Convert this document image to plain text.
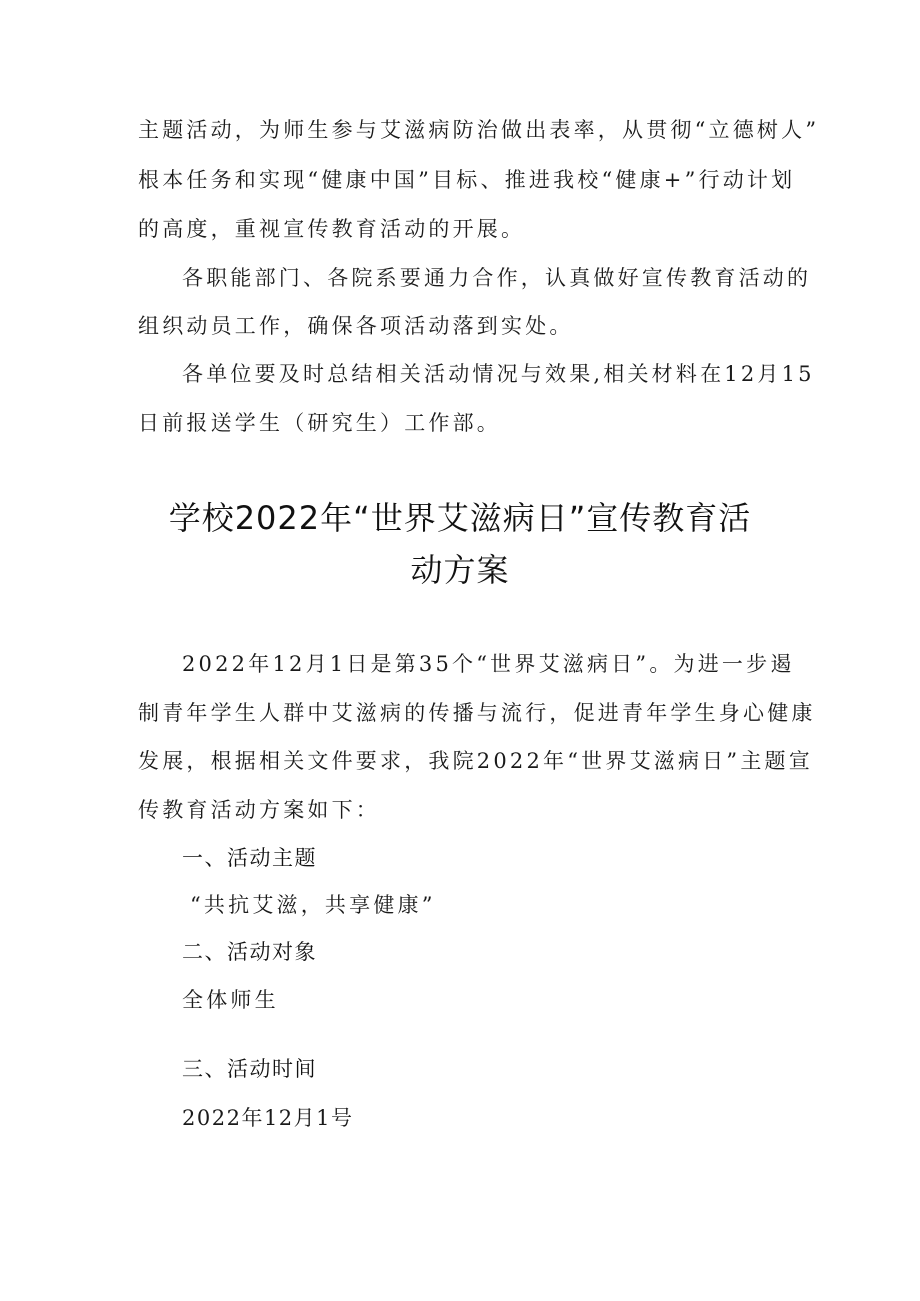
主题活动，为师生参与艾滋病防治做出表率，从贯彻“立德树人”
根本任务和实现“健康中国”目标、推进我校“健康+”行动计划
的高度，重视宣传教育活动的开展。
各职能部门、各院系要通力合作，认真做好宣传教育活动的
组织动员工作，确保各项活动落到实处。
各单位要及时总结相关活动情况与效果,相关材料在12月15
日前报送学生（研究生）工作部。
学校2022年“世界艾滋病日”宣传教育活
动方案
2022年12月1日是第35个“世界艾滋病日”。为进一步遏
制青年学生人群中艾滋病的传播与流行，促进青年学生身心健康
发展，根据相关文件要求，我院2022年“世界艾滋病日”主题宣
传教育活动方案如下：
一、活动主题
“共抗艾滋，共享健康”
二、活动对象
全体师生
三、活动时间
2022年12月1号
